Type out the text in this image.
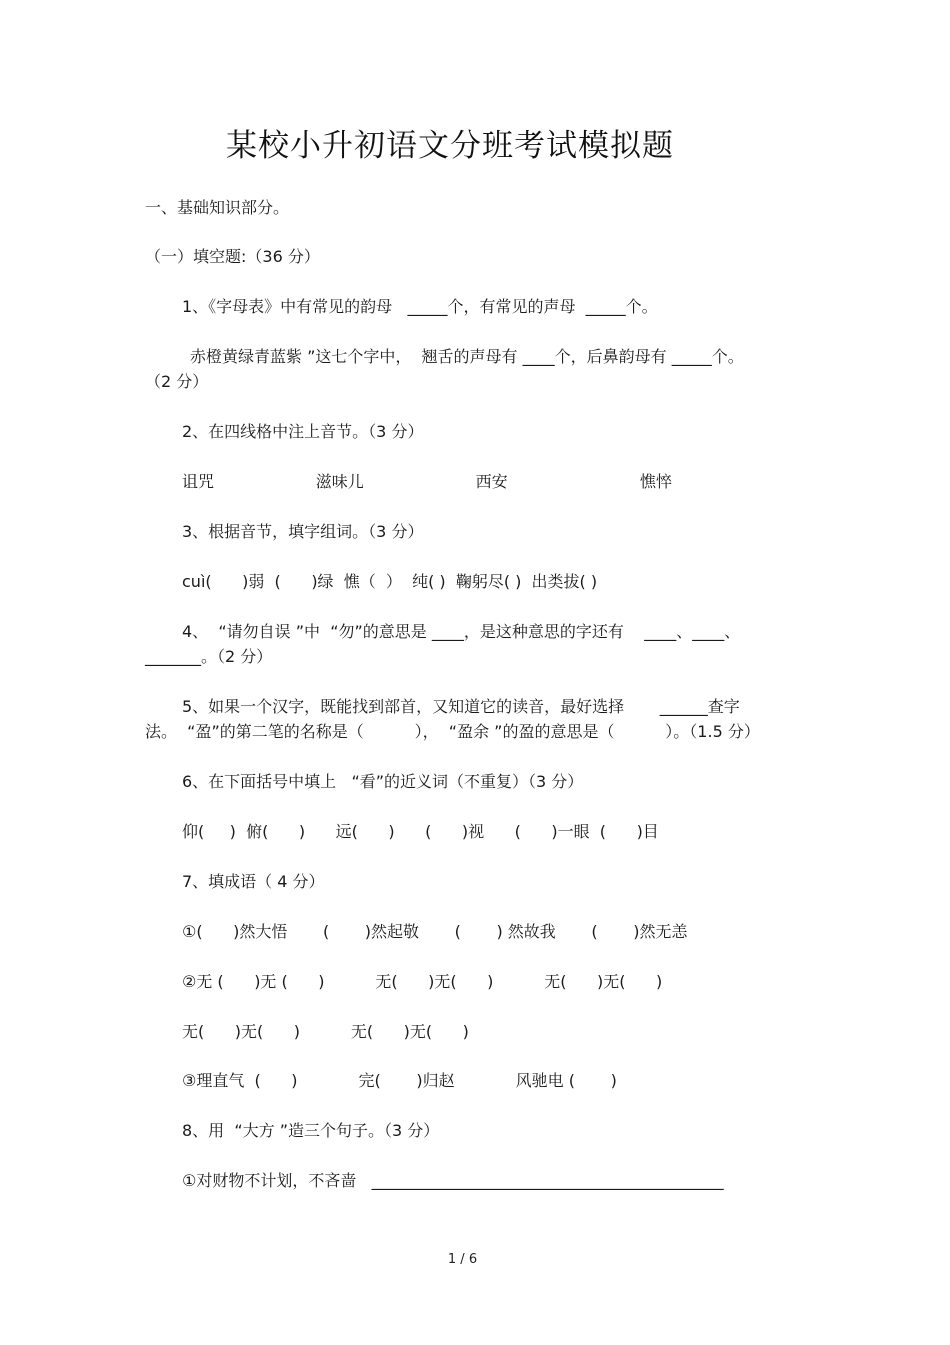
某校小升初语文分班考试模拟题
一、基础知识部分。
（一）填空题:（36 分）
1、《字母表》中有常见的韵母   _____个，有常见的声母  _____个。
赤橙黄绿青蓝紫 ”这七个字中，  翘舌的声母有 ____个，后鼻韵母有 _____个。
（2 分）
2、在四线格中注上音节。（3 分）
诅咒                    滋味儿                      西安                          憔悴
3、根据音节，填字组词。（3 分）
cuì(      )弱  (      )绿  憔（  ）  纯( )  鞠躬尽( )  出类拔( )
4、  “请勿自误 ”中  “勿”的意思是 ____，是这种意思的字还有    ____、____、
_______。（2 分）
5、如果一个汉字，既能找到部首，又知道它的读音，最好选择       ______查字
法。  “盈”的第二笔的名称是（          ），  “盈余 ”的盈的意思是（          ）。（1.5 分）
6、在下面括号中填上   “看”的近义词（不重复）（3 分）
仰(     )  俯(      )      远(      )      (      )视      (      )一眼  (      )目
7、填成语（ 4 分）
①(      )然大悟       (       )然起敬       (       ) 然故我       (       )然无恙
②无 (      )无 (      )          无(      )无(      )          无(      )无(      )
无(      )无(      )          无(      )无(      )
③理直气  (      )            完(       )归赵            风驰电 (       )
8、用  “大方 ”造三个句子。（3 分）
①对财物不计划，不吝啬   ____________________________________________
1 / 6
